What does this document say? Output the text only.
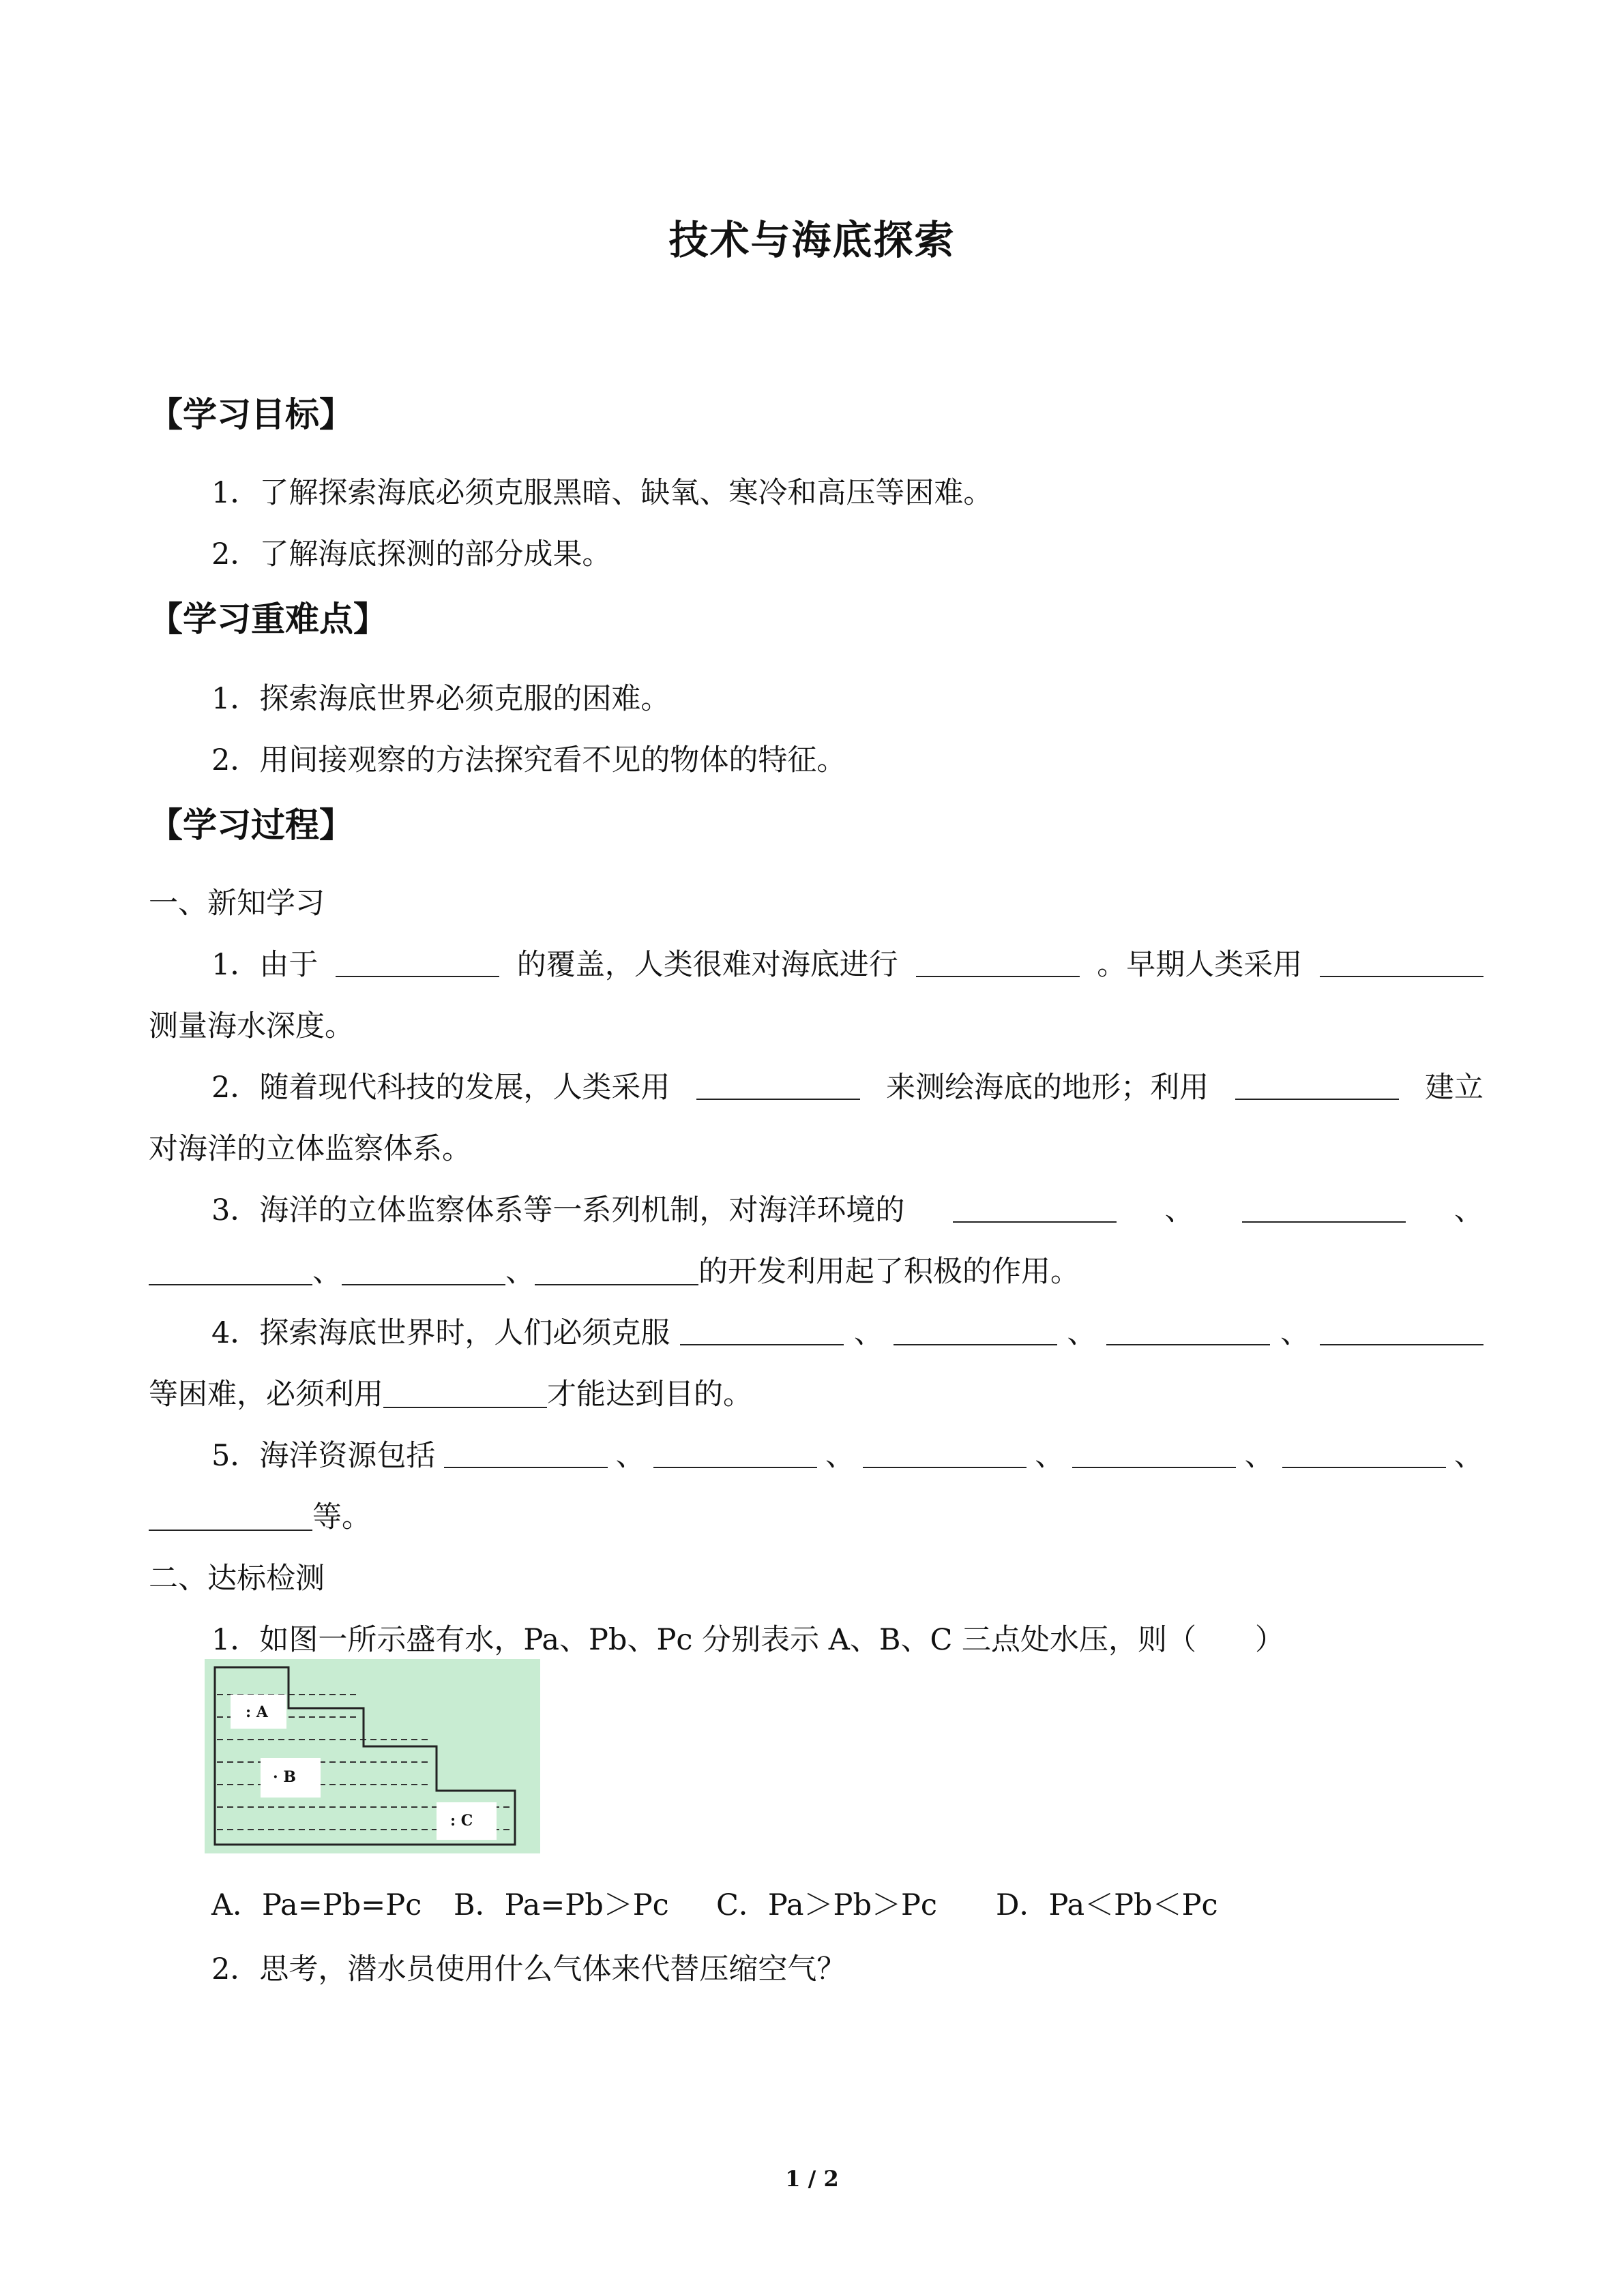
技术与海底探索
【学习目标】
1．了解探索海底必须克服黑暗、缺氧、寒冷和高压等困难。
2．了解海底探测的部分成果。
【学习重难点】
1．探索海底世界必须克服的困难。
2．用间接观察的方法探究看不见的物体的特征。
【学习过程】
一、新知学习
1．由于	的覆盖，人类很难对海底进行	。早期人类采用
测量海水深度。
2．随着现代科技的发展，人类采用	来测绘海底的地形；利用	建立
对海洋的立体监察体系。
3．海洋的立体监察体系等一系列机制，对海洋环境的	、	、
、	、	的开发利用起了积极的作用。
4．探索海底世界时，人们必须克服	、	、	、
等困难，必须利用	才能达到目的。
5．海洋资源包括	、	、	、	、	、
等。
二、达标检测
1．如图一所示盛有水，Pa、Pb、Pc 分别表示 A、B、C 三点处水压，则（　　）
: A
· B
: C
A．Pa=Pb=Pc B．Pa=Pb＞Pc C．Pa＞Pb＞Pc D．Pa＜Pb＜Pc
2．思考，潜水员使用什么气体来代替压缩空气？
1 / 2
